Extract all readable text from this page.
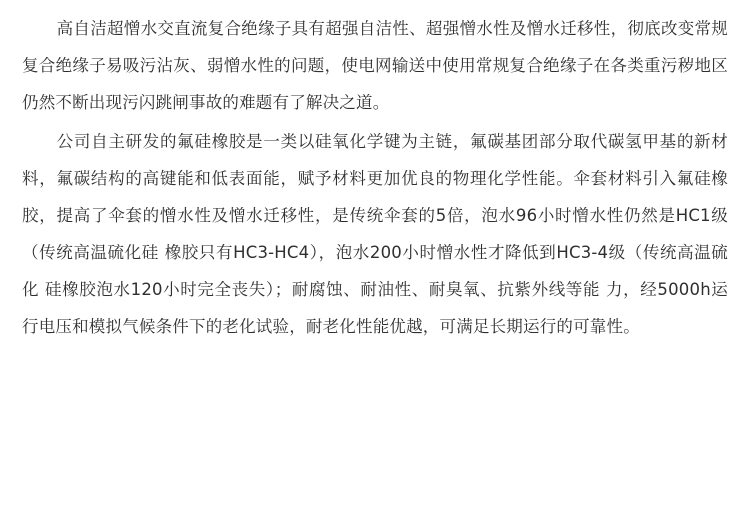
高自洁超憎水交直流复合绝缘子具有超强自洁性、超强憎水性及憎水迁移性，彻底改变常规复合绝缘子易吸污沾灰、弱憎水性的问题，使电网输送中使用常规复合绝缘子在各类重污秽地区仍然不断出现污闪跳闸事故的难题有了解决之道。

公司自主研发的氟硅橡胶是一类以硅氧化学键为主链，氟碳基团部分取代碳氢甲基的新材料，氟碳结构的高键能和低表面能，赋予材料更加优良的物理化学性能。伞套材料引入氟硅橡胶，提高了伞套的憎水性及憎水迁移性，是传统伞套的5倍，泡水96小时憎水性仍然是HC1级（传统高温硫化硅 橡胶只有HC3-HC4），泡水200小时憎水性才降低到HC3-4级（传统高温硫化 硅橡胶泡水120小时完全丧失）；耐腐蚀、耐油性、耐臭氧、抗紫外线等能 力，经5000h运行电压和模拟气候条件下的老化试验，耐老化性能优越，可满足长期运行的可靠性。
